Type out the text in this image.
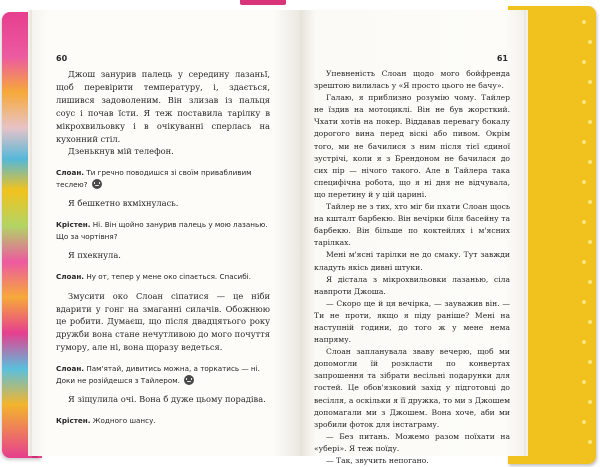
60

Джош занурив палець у середину лазаньї, щоб перевірити температуру, і, здається, лишився задоволеним. Він злизав із пальця соус і почав їсти. Я теж поставила тарілку в мікрохвильовку і в очікуванні сперлась на кухонний стіл.

Дзенькнув мій телефон.

Слоан. Ти гречно поводишся зі своїм привабливим теслею?

Я бешкетно вхміхнулась.

Крістен. Ні. Він щойно занурив палець у мою лазанью. Що за чортівня?

Я пхекнула.

Слоан. Ну от, тепер у мене око сіпається. Спасибі.

Змусити око Слоан сіпатися — це ніби вдарити у гонг на змаганні силачів. Обожнюю це робити. Думаєш, що після двадцятього року дружби вона стане нечутливою до мого почуття гумору, але ні, вона щоразу ведеться.

Слоан. Пам'ятай, дивитись можна, а торкатись — ні. Доки не розійдешся з Тайлером.

Я зіщулила очі. Вона б дуже цьому порадіва.

Крістен. Жодного шансу.

61

Упевненість Слоан щодо мого бойфренда зрештою вилилась у «Я просто цього не бачу».

Галаю, я приблизно розумію чому. Тайлер не їздив на мотоциклі. Він не був жорсткий. Чхати хотів на покер. Віддавав перевагу бокалу дорогого вина перед віскі або пивом. Окрім того, ми не бачилися з ним після тієї єдиної зустрічі, коли я з Брендоном не бачилася до сих пір — нічого такого. Але в Тайлера така специфічна робота, що я ні дня не відчувала, що перетину й у цій царині.

Тайлер не з тих, хто міг би пхати Слоан щось на кшталт барбекю. Він вечірки біля басейну та барбекю. Він більше по коктейлях і м'ясних тарілках.

Мені м'ясні тарілки не до смаку. Тут завжди кладуть якісь дивні штуки.

Я дістала з мікрохвильовки лазанью, сіла навпроти Джоша.

— Скоро ще й ця вечірка, — зауважив він. — Ти не проти, якщо я піду раніше? Мені на наступній години, до того ж у мене нема напряму.

Слоан запланувала зваву вечерю, щоб ми допомогли їй розкласти по конвертах запрошення та зібрати весільні подарунки для гостей. Це обов'язковий захід у підготовці до весілля, а оскільки я її дружка, то ми з Джошем допомагали ми з Джошем. Вона хоче, аби ми зробили фоток для інстаграму.

— Без питань. Можемо разом поїхати на «убері». Я теж поїду.

— Так, звучить непогано.
